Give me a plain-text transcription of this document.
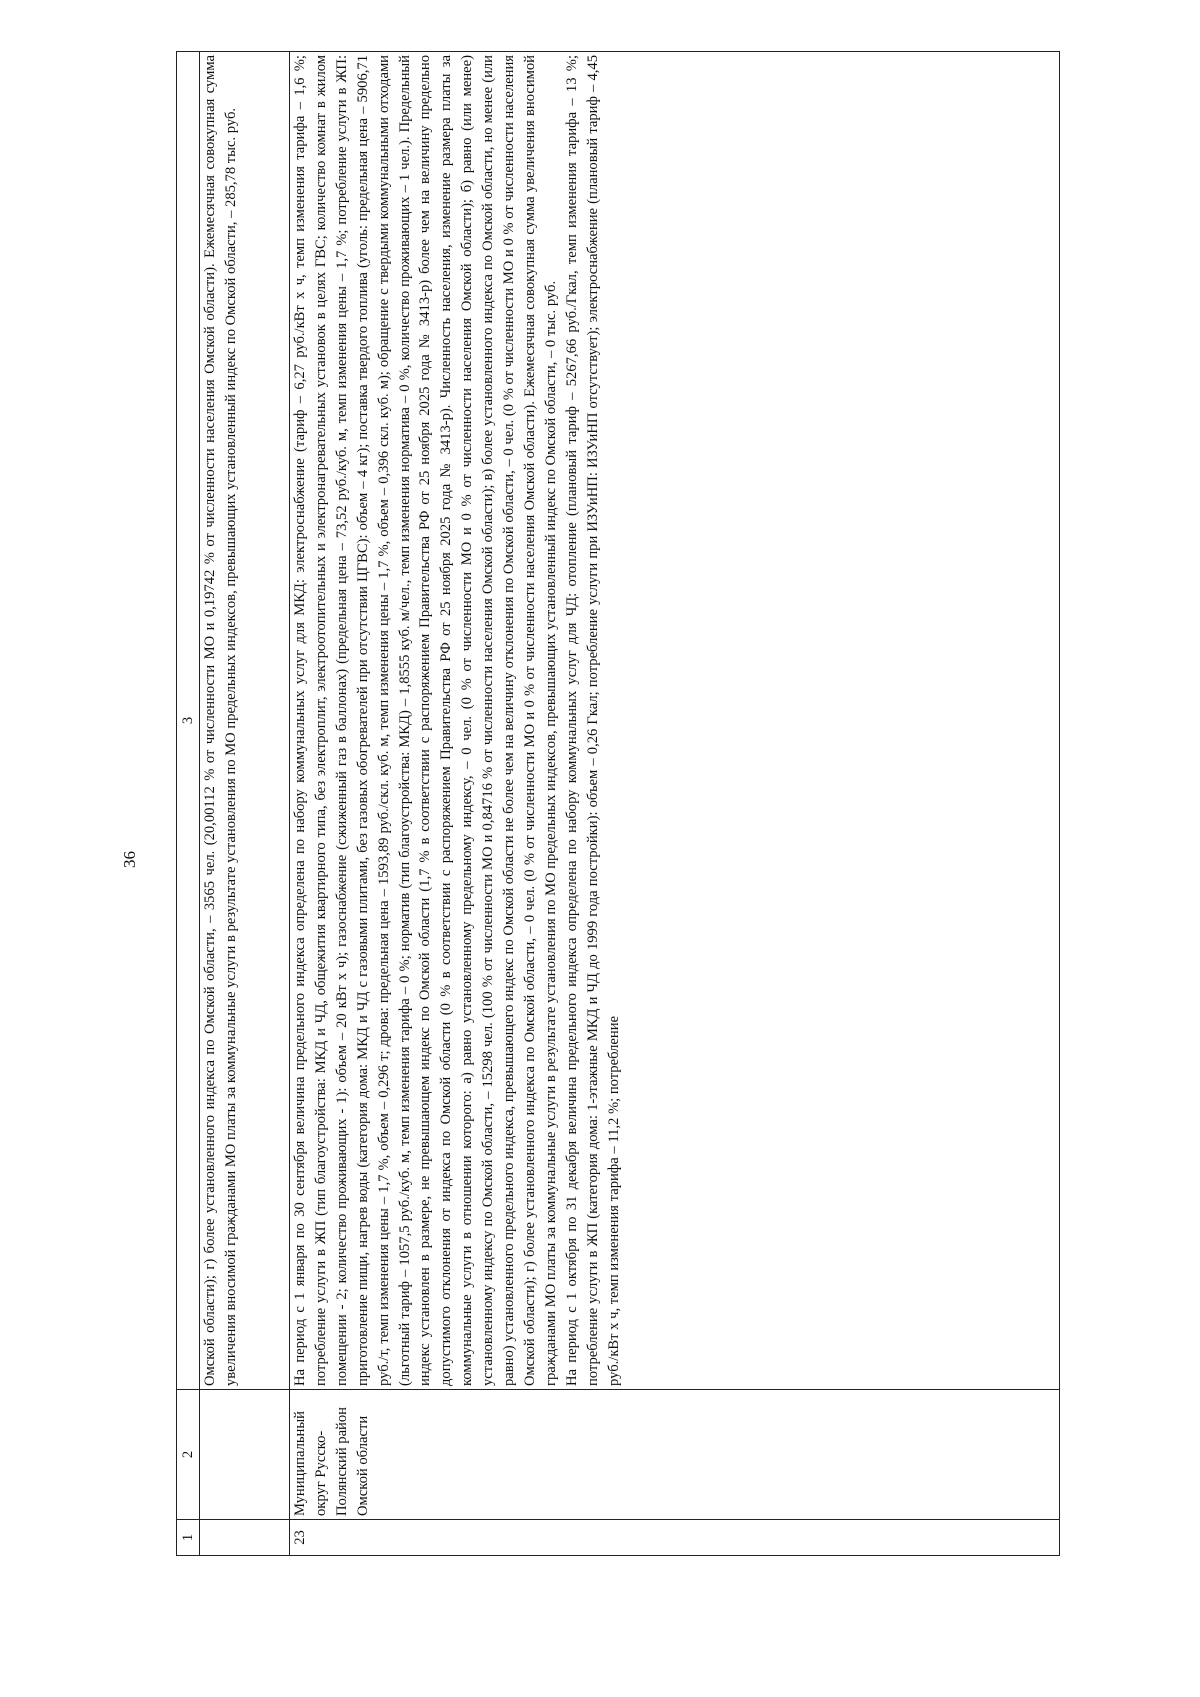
36
1	2	3

		Омской области); г) более установленного индекса по Омской области, – 3565 чел. (20,00112 % от численности МО и 0,19742 % от численности населения Омской области). Ежемесячная совокупная сумма увеличения вносимой гражданами МО платы за коммунальные услуги в результате установления по МО предельных индексов, превышающих установленный индекс по Омской области, – 285,78 тыс. руб.

23	Муниципальный округ Русско-Полянский район Омской области	На период с 1 января по 30 сентября величина предельного индекса определена по набору коммунальных услуг для МКД: электроснабжение (тариф – 6,27 руб./кВт х ч, темп изменения тарифа – 1,6 %; потребление услуги в ЖП (тип благоустройства: МКД и ЧД, общежития квартирного типа, без электроплит, электроотопительных и электронагревательных установок в целях ГВС; количество комнат в жилом помещении - 2; количество проживающих - 1): объем – 20 кВт х ч); газоснабжение (сжиженный газ в баллонах) (предельная цена – 73,52 руб./куб. м, темп изменения цены – 1,7 %; потребление услуги в ЖП: приготовление пищи, нагрев воды (категория дома: МКД и ЧД с газовыми плитами, без газовых обогревателей при отсутствии ЦГВС): объем – 4 кг); поставка твердого топлива (уголь: предельная цена – 5906,71 руб./т, темп изменения цены – 1,7 %, объем – 0,296 т; дрова: предельная цена – 1593,89 руб./скл. куб. м, темп изменения цены – 1,7 %, объем – 0,396 скл. куб. м); обращение с твердыми коммунальными отходами (льготный тариф – 1057,5 руб./куб. м, темп изменения тарифа – 0 %; норматив (тип благоустройства: МКД) – 1,8555 куб. м/чел., темп изменения норматива – 0 %, количество проживающих – 1 чел.). Предельный индекс установлен в размере, не превышающем индекс по Омской области (1,7 % в соответствии с распоряжением Правительства РФ от 25 ноября 2025 года № 3413-р) более чем на величину предельно допустимого отклонения от индекса по Омской области (0 % в соответствии с распоряжением Правительства РФ от 25 ноября 2025 года № 3413-р). Численность населения, изменение размера платы за коммунальные услуги в отношении которого: а) равно установленному предельному индексу, – 0 чел. (0 % от численности МО и 0 % от численности населения Омской области); б) равно (или менее) установленному индексу по Омской области, – 15298 чел. (100 % от численности МО и 0,84716 % от численности населения Омской области); в) более установленного индекса по Омской области, но менее (или равно) установленного предельного индекса, превышающего индекс по Омской области не более чем на величину отклонения по Омской области, – 0 чел. (0 % от численности МО и 0 % от численности населения Омской области); г) более установленного индекса по Омской области, – 0 чел. (0 % от численности МО и 0 % от численности населения Омской области). Ежемесячная совокупная сумма увеличения вносимой гражданами МО платы за коммунальные услуги в результате установления по МО предельных индексов, превышающих установленный индекс по Омской области, – 0 тыс. руб. На период с 1 октября по 31 декабря величина предельного индекса определена по набору коммунальных услуг для ЧД: отопление (плановый тариф – 5267,66 руб./Гкал, темп изменения тарифа – 13 %; потребление услуги в ЖП (категория дома: 1-этажные МКД и ЧД до 1999 года постройки): объем – 0,26 Гкал; потребление услуги при ИЗУиНП: ИЗУиНП отсутствует); электроснабжение (плановый тариф – 4,45 руб./кВт х ч, темп изменения тарифа – 11,2 %; потребление
